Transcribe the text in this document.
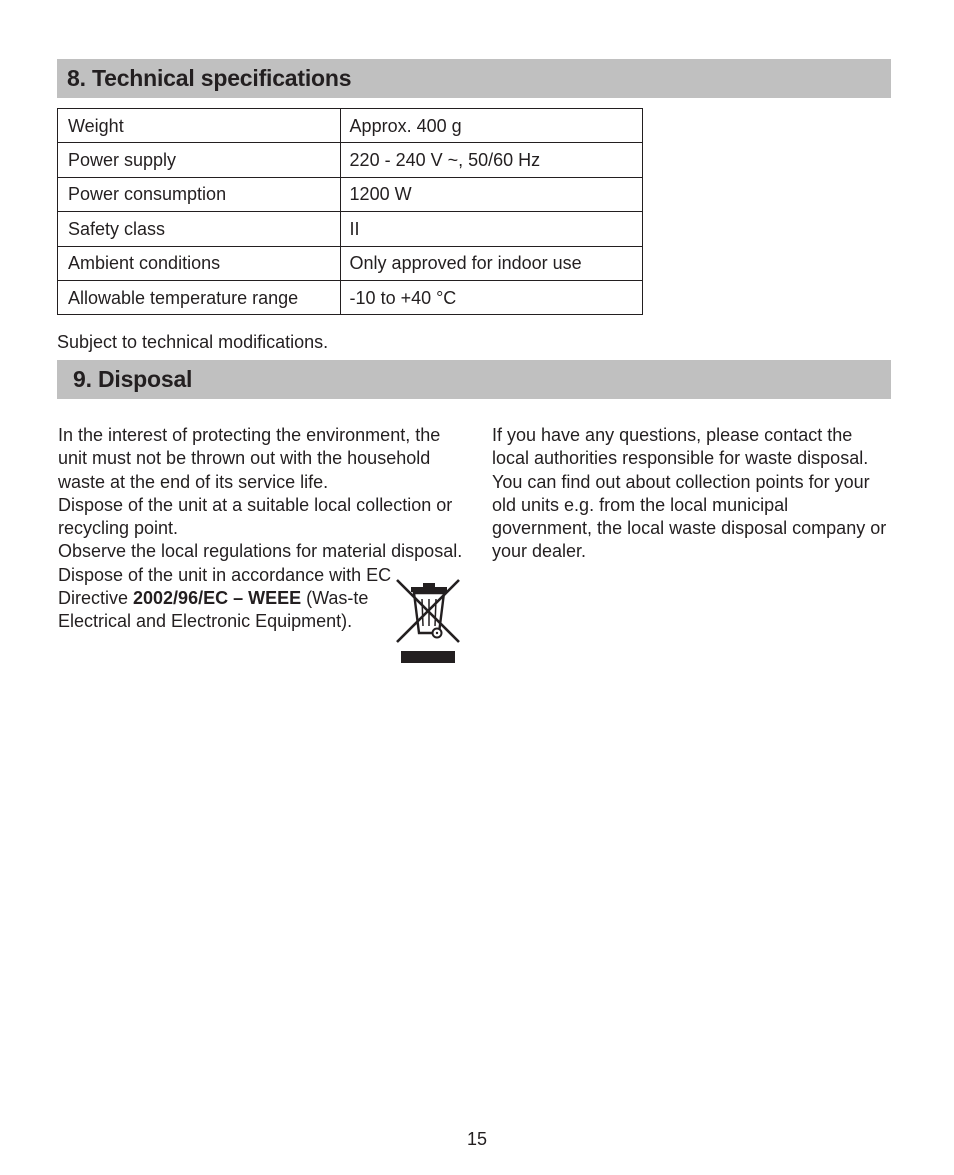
8. Technical specifications
Weight	Approx. 400 g
Power supply	220 - 240 V ~, 50/60 Hz
Power consumption	1200 W
Safety class	II
Ambient conditions	Only approved for indoor use
Allowable temperature range	-10 to +40 °C
Subject to technical modifications.
9. Disposal

In the interest of protecting the environment, the unit must not be thrown out with the household waste at the end of its service life.

Dispose of the unit at a suitable local collection or recycling point.

Observe the local regulations for material disposal.

Dispose of the unit in accordance with EC Directive 2002/96/EC – WEEE (Was-te Electrical and Electronic Equipment).

If you have any questions, please contact the local authorities responsible for waste disposal. You can find out about collection points for your old units e.g. from the local municipal government, the local waste disposal company or your dealer.

15
